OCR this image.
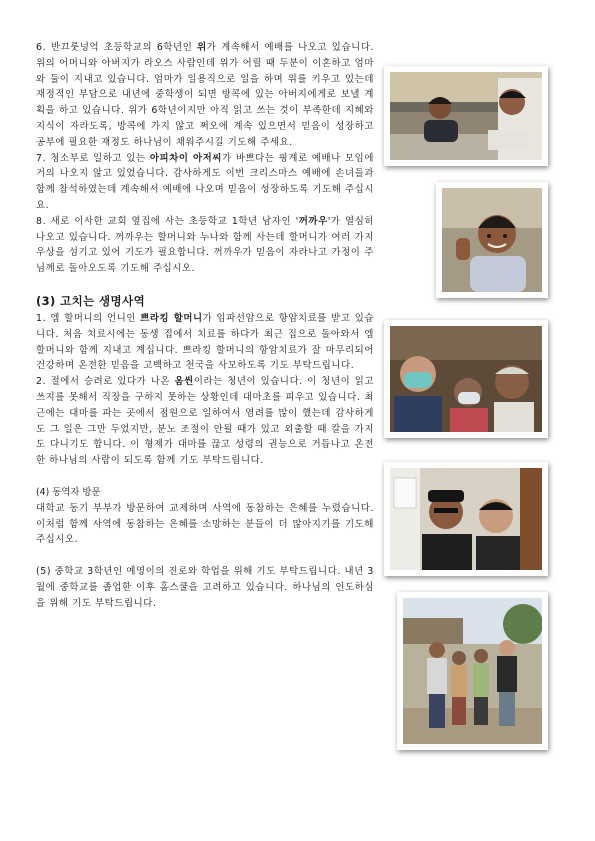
6. 반끄룻넝억 초등학교의 6학년인 위가 계속해서 예배를 나오고 있습니다. 위의 어머니와 아버지가 라오스 사람인데 위가 어릴 때 두분이 이혼하고 엄마와 둘이 지내고 있습니다. 엄마가 일용직으로 일을 하며 위를 키우고 있는데 재정적인 부담으로 내년에 중학생이 되면 방콕에 있는 아버지에게로 보낼 계획을 하고 있습니다. 위가 6학년이지만 아직 읽고 쓰는 것이 부족한데 지혜와 지식이 자라도록, 방콕에 가지 않고 쩌오에 계속 있으면서 믿음이 성장하고 공부에 필요한 재정도 하나님이 채워주시길 기도해 주세요.

7. 청소부로 일하고 있는 아피차이 아저씨가 바쁘다는 핑계로 예배나 모임에 거의 나오지 않고 있었습니다. 감사하게도 이번 크리스마스 예배에 손녀들과 함께 참석하였는데 계속해서 예배에 나오며 믿음이 성장하도록 기도해 주십시요.

8. 새로 이사한 교회 옆집에 사는 초등학교 1학년 남자인 '꺼까우'가 열심히 나오고 있습니다. 꺼까우는 할머니와 누나와 함께 사는데 할머니가 여러 가지 우상을 섬기고 있어 기도가 필요합니다. 꺼까우가 믿음이 자라나고 가정이 주님께로 돌아오도록 기도해 주십시오.

(3) 고치는 생명사역

1. 엠 할머니의 언니인 쁘라킹 할머니가 임파선암으로 항암치료를 받고 있습니다. 처음 치료시에는 동생 집에서 치료를 하다가 최근 집으로 돌아와서 엠 할머니와 함께 지내고 계십니다. 쁘라킹 할머니의 항암치료가 잘 마무리되어 건강하며 온전한 믿음을 고백하고 천국을 사모하도록 기도 부탁드립니다.

2. 절에서 승려로 있다가 나온 옴씬이라는 청년이 있습니다. 이 청년이 읽고 쓰지를 못해서 직장을 구하지 못하는 상황인데 대마초를 피우고 있습니다. 최근에는 대마를 파는 곳에서 점원으로 일하여서 염려를 많이 했는데 감사하게도 그 일은 그만 두었지만, 분노 조절이 안될 때가 있고 외출할 때 칼을 가지도 다니기도 합니다. 이 형제가 대마를 끊고 성령의 권능으로 거듭나고 온전한 하나님의 사람이 되도록 함께 기도 부탁드립니다.

(4) 동역자 방문

대학교 동기 부부가 방문하여 교제하며 사역에 동참하는 은혜를 누렸습니다. 이처럼 함께 사역에 동참하는 은혜를 소망하는 분들이 더 많아지기를 기도해주십시오.

(5) 중학교 3학년인 예영이의 진로와 학업을 위해 기도 부탁드립니다. 내년 3월에 중학교를 졸업한 이후 홈스쿨을 고려하고 있습니다. 하나님의 인도하심을 위해 기도 부탁드립니다.
